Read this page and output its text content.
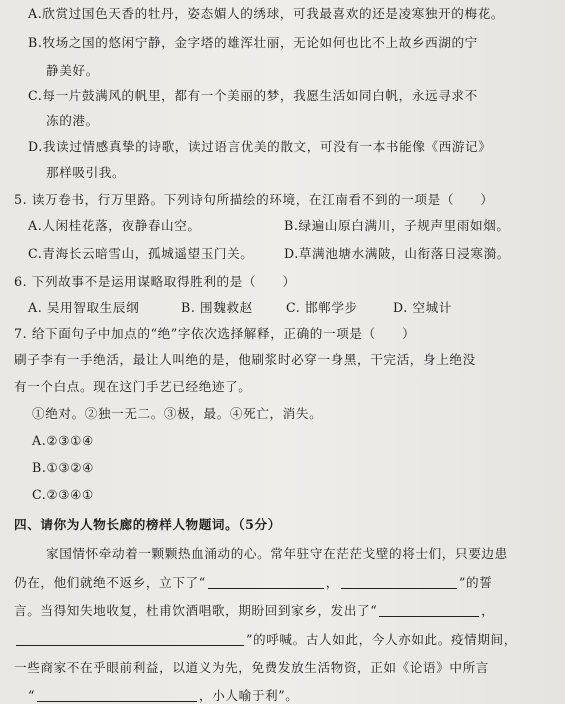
A.欣赏过国色天香的牡丹，姿态媚人的绣球，可我最喜欢的还是凌寒独开的梅花。
B.牧场之国的悠闲宁静，金字塔的雄浑壮丽，无论如何也比不上故乡西湖的宁
静美好。
C.每一片鼓满风的帆里，都有一个美丽的梦，我愿生活如同白帆，永远寻求不
冻的港。
D.我读过情感真挚的诗歌，读过语言优美的散文，可没有一本书能像《西游记》
那样吸引我。
5. 读万卷书，行万里路。下列诗句所描绘的环境，在江南看不到的一项是（　　）
A.人闲桂花落，夜静春山空。	B.绿遍山原白满川，子规声里雨如烟。
C.青海长云暗雪山，孤城遥望玉门关。 D.草满池塘水满陂，山衔落日浸寒漪。
6. 下列故事不是运用谋略取得胜利的是（　　）
A. 吴用智取生辰纲	B. 围魏救赵	C. 邯郸学步	D. 空城计
7. 给下面句子中加点的“绝”字依次选择解释，正确的一项是（　　）
刷子李有一手绝活，最让人叫绝的是，他刷浆时必穿一身黑，干完活，身上绝没
有一个白点。现在这门手艺已经绝迹了。
①绝对。②独一无二。③极，最。④死亡，消失。
A.②③①④
B.①③②④
C.②③④①
四、请你为人物长廊的榜样人物题词。（5分）
家国情怀牵动着一颗颗热血涌动的心。常年驻守在茫茫戈壁的将士们，只要边患
仍在，他们就绝不返乡，立下了“	，	”的誓
言。当得知失地收复，杜甫饮酒唱歌，期盼回到家乡，发出了“	，
”的呼喊。古人如此，今人亦如此。疫情期间，
一些商家不在乎眼前利益，以道义为先，免费发放生活物资，正如《论语》中所言
“	，小人喻于利”。
